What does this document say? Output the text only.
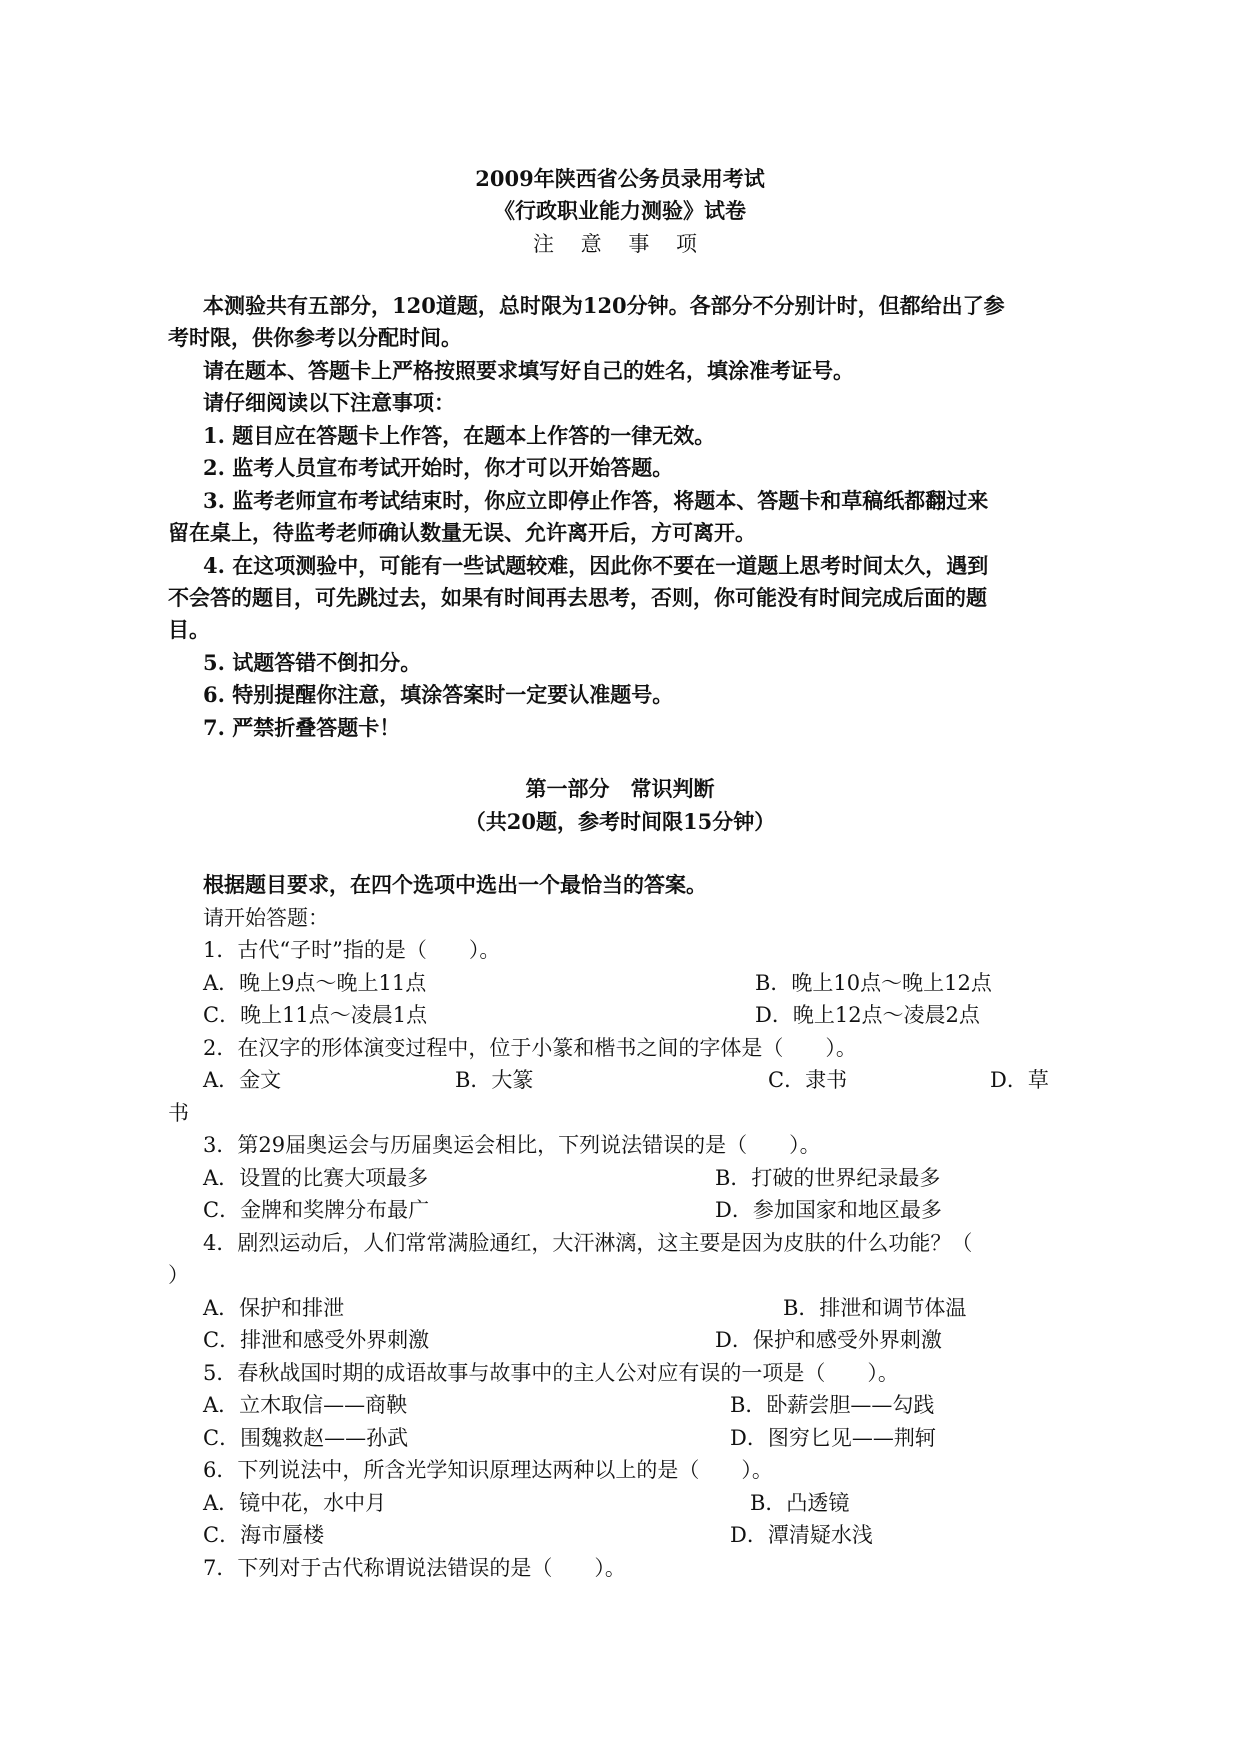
2009年陕西省公务员录用考试
《行政职业能力测验》试卷
注 意 事 项
本测验共有五部分，120道题，总时限为120分钟。各部分不分别计时，但都给出了参
考时限，供你参考以分配时间。
请在题本、答题卡上严格按照要求填写好自己的姓名，填涂准考证号。
请仔细阅读以下注意事项：
1. 题目应在答题卡上作答，在题本上作答的一律无效。
2. 监考人员宣布考试开始时，你才可以开始答题。
3. 监考老师宣布考试结束时，你应立即停止作答，将题本、答题卡和草稿纸都翻过来
留在桌上，待监考老师确认数量无误、允许离开后，方可离开。
4. 在这项测验中，可能有一些试题较难，因此你不要在一道题上思考时间太久，遇到
不会答的题目，可先跳过去，如果有时间再去思考，否则，你可能没有时间完成后面的题
目。
5. 试题答错不倒扣分。
6. 特别提醒你注意，填涂答案时一定要认准题号。
7. 严禁折叠答题卡！
第一部分　常识判断
（共20题，参考时间限15分钟）
根据题目要求，在四个选项中选出一个最恰当的答案。
请开始答题：
1．古代“子时”指的是（　　）。
A．晚上9点～晚上11点	B．晚上10点～晚上12点
C．晚上11点～凌晨1点	D．晚上12点～凌晨2点
2．在汉字的形体演变过程中，位于小篆和楷书之间的字体是（　　）。
A．金文	B．大篆	C．隶书	D．草
书
3．第29届奥运会与历届奥运会相比，下列说法错误的是（　　）。
A．设置的比赛大项最多	B．打破的世界纪录最多
C．金牌和奖牌分布最广	D．参加国家和地区最多
4．剧烈运动后，人们常常满脸通红，大汗淋漓，这主要是因为皮肤的什么功能？（
）
A．保护和排泄	B．排泄和调节体温
C．排泄和感受外界刺激	D．保护和感受外界刺激
5．春秋战国时期的成语故事与故事中的主人公对应有误的一项是（　　）。
A．立木取信——商鞅	B．卧薪尝胆——勾践
C．围魏救赵——孙武	D．图穷匕见——荆轲
6．下列说法中，所含光学知识原理达两种以上的是（　　）。
A．镜中花，水中月	B．凸透镜
C．海市蜃楼	D．潭清疑水浅
7．下列对于古代称谓说法错误的是（　　）。
